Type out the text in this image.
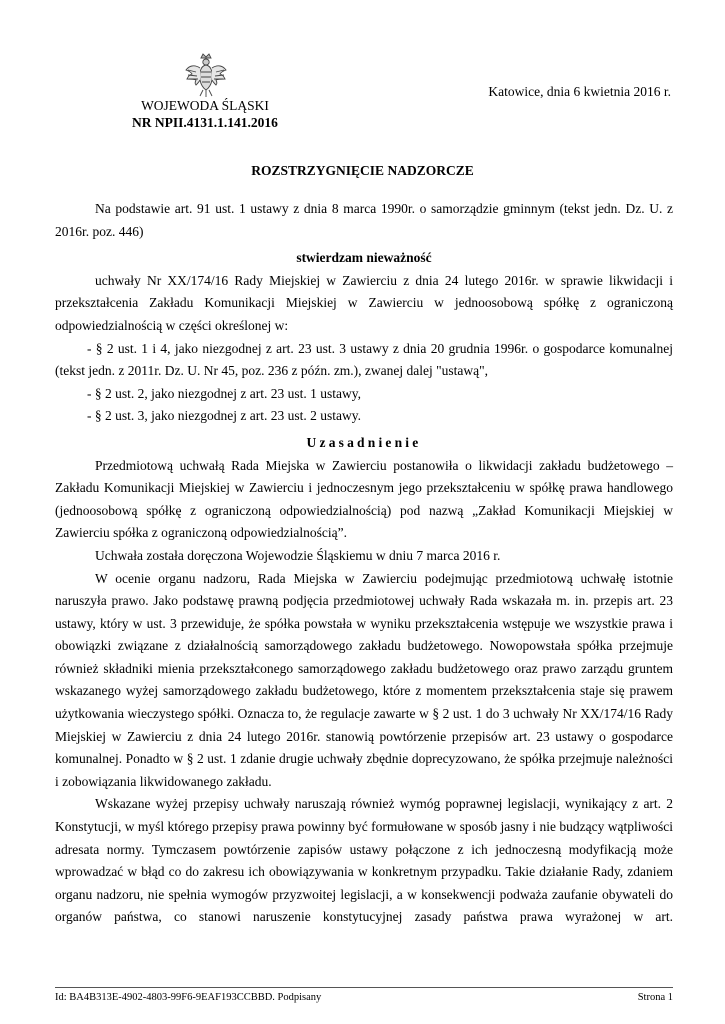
WOJEWODA ŚLĄSKI
NR NPII.4131.1.141.2016
Katowice, dnia 6 kwietnia 2016 r.
ROZSTRZYGNIĘCIE NADZORCZE

Na podstawie art. 91 ust. 1 ustawy z dnia 8 marca 1990r. o samorządzie gminnym (tekst jedn. Dz. U. z 2016r. poz. 446)

stwierdzam nieważność

uchwały Nr XX/174/16 Rady Miejskiej w Zawierciu z dnia 24 lutego 2016r. w sprawie likwidacji i przekształcenia Zakładu Komunikacji Miejskiej w Zawierciu w jednoosobową spółkę z ograniczoną odpowiedzialnością w części określonej w:

- § 2 ust. 1 i 4, jako niezgodnej z art. 23 ust. 3 ustawy z dnia 20 grudnia 1996r. o gospodarce komunalnej (tekst jedn. z 2011r. Dz. U. Nr 45, poz. 236 z późn. zm.), zwanej dalej "ustawą",

- § 2 ust. 2, jako niezgodnej z art. 23 ust. 1 ustawy,

- § 2 ust. 3, jako niezgodnej z art. 23 ust. 2 ustawy.

Uzasadnienie

Przedmiotową uchwałą Rada Miejska w Zawierciu postanowiła o likwidacji zakładu budżetowego – Zakładu Komunikacji Miejskiej w Zawierciu i jednoczesnym jego przekształceniu w spółkę prawa handlowego (jednoosobową spółkę z ograniczoną odpowiedzialnością) pod nazwą „Zakład Komunikacji Miejskiej w Zawierciu spółka z ograniczoną odpowiedzialnością”.

Uchwała została doręczona Wojewodzie Śląskiemu w dniu 7 marca 2016 r.

W ocenie organu nadzoru, Rada Miejska w Zawierciu podejmując przedmiotową uchwałę istotnie naruszyła prawo. Jako podstawę prawną podjęcia przedmiotowej uchwały Rada wskazała m. in. przepis art. 23 ustawy, który w ust. 3 przewiduje, że spółka powstała w wyniku przekształcenia wstępuje we wszystkie prawa i obowiązki związane z działalnością samorządowego zakładu budżetowego. Nowopowstała spółka przejmuje również składniki mienia przekształconego samorządowego zakładu budżetowego oraz prawo zarządu gruntem wskazanego wyżej samorządowego zakładu budżetowego, które z momentem przekształcenia staje się prawem użytkowania wieczystego spółki. Oznacza to, że regulacje zawarte w § 2 ust. 1 do 3 uchwały Nr XX/174/16 Rady Miejskiej w Zawierciu z dnia 24 lutego 2016r. stanowią powtórzenie przepisów art. 23 ustawy o gospodarce komunalnej. Ponadto w § 2 ust. 1 zdanie drugie uchwały zbędnie doprecyzowano, że spółka przejmuje należności i zobowiązania likwidowanego zakładu.

Wskazane wyżej przepisy uchwały naruszają również wymóg poprawnej legislacji, wynikający z art. 2 Konstytucji, w myśl którego przepisy prawa powinny być formułowane w sposób jasny i nie budzący wątpliwości adresata normy. Tymczasem powtórzenie zapisów ustawy połączone z ich jednoczesną modyfikacją może wprowadzać w błąd co do zakresu ich obowiązywania w konkretnym przypadku. Takie działanie Rady, zdaniem organu nadzoru, nie spełnia wymogów przyzwoitej legislacji, a w konsekwencji podważa zaufanie obywateli do organów państwa, co stanowi naruszenie konstytucyjnej zasady państwa prawa wyrażonej w art.

Id: BA4B313E-4902-4803-99F6-9EAF193CCBBD. Podpisany	Strona 1
